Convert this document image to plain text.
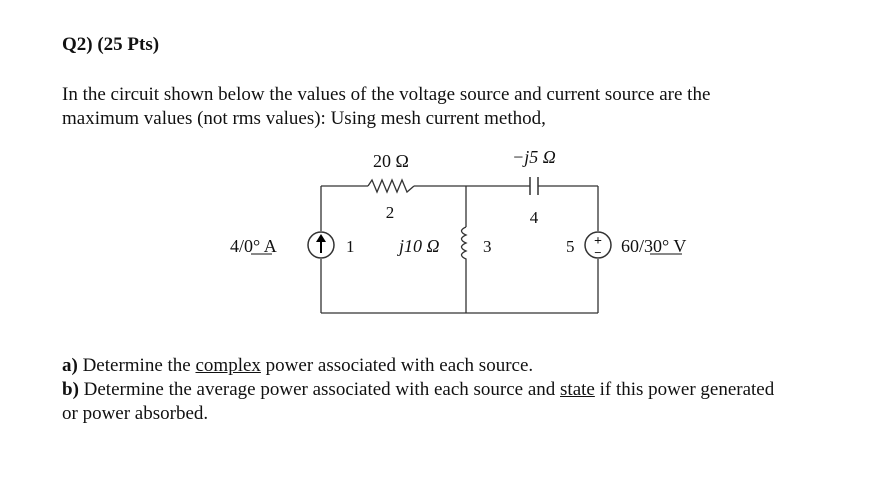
Q2) (25 Pts)
In the circuit shown below the values of the voltage source and current source are the
maximum values (not rms values): Using mesh current method,
+
−
20 Ω	−j5 Ω
2	4
4/0° A	1 j10 Ω	3	5	60/30° V
a) Determine the complex power associated with each source.
b) Determine the average power associated with each source and state if this power generated
or power absorbed.
